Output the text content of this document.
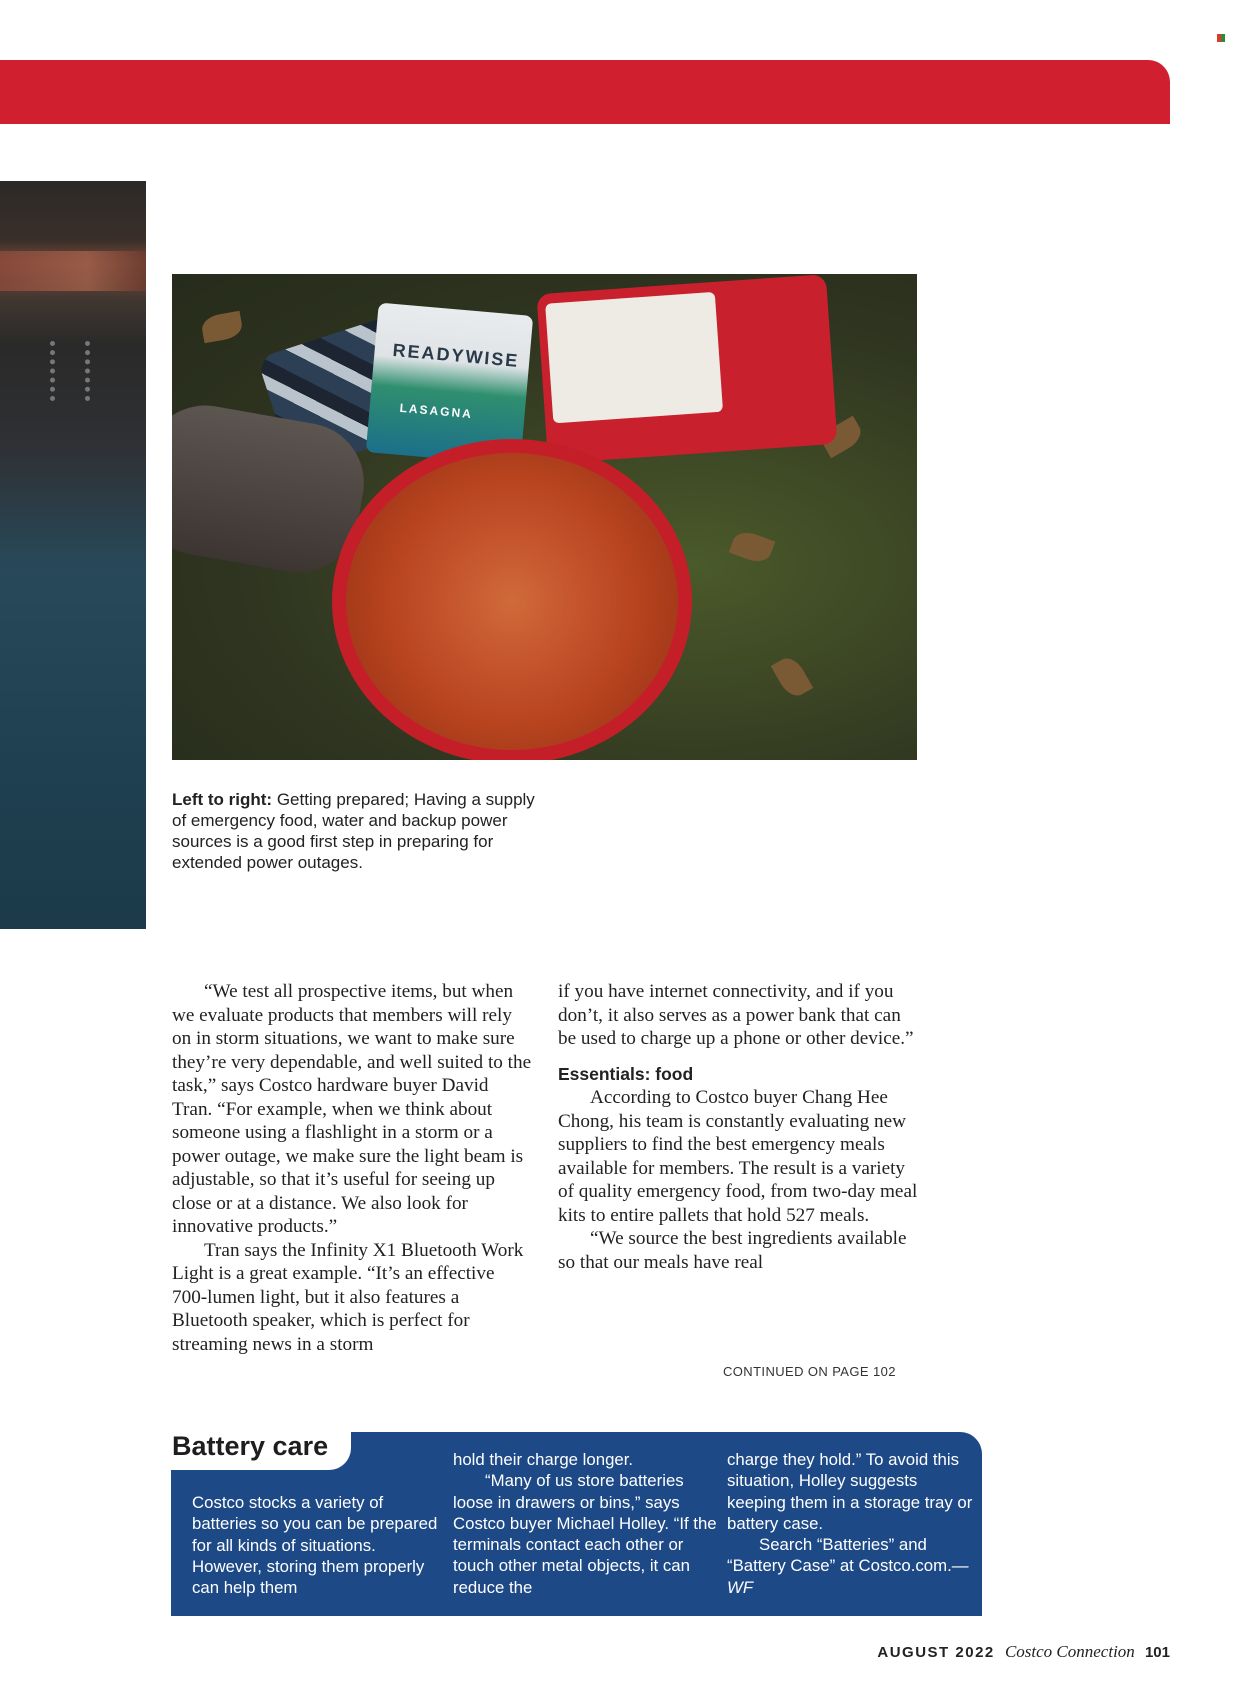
READYWISE
LASAGNA
Left to right: Getting prepared; Having a supply of emergency food, water and backup power sources is a good first step in preparing for extended power outages.

“We test all prospective items, but when we evaluate products that members will rely on in storm situations, we want to make sure they’re very dependable, and well suited to the task,” says Costco hardware buyer David Tran. “For example, when we think about someone using a flashlight in a storm or a power outage, we make sure the light beam is adjustable, so that it’s useful for seeing up close or at a distance. We also look for innovative products.”

Tran says the Infinity X1 Bluetooth Work Light is a great example. “It’s an effective 700-lumen light, but it also features a Bluetooth speaker, which is perfect for streaming news in a storm

if you have internet connectivity, and if you don’t, it also serves as a power bank that can be used to charge up a phone or other device.”

Essentials: food

According to Costco buyer Chang Hee Chong, his team is constantly evaluating new suppliers to find the best emergency meals available for members. The result is a variety of quality emergency food, from two-day meal kits to entire pallets that hold 527 meals.

“We source the best ingredients available so that our meals have real

CONTINUED ON PAGE 102
Battery care

Costco stocks a variety of batteries so you can be prepared for all kinds of situations. However, storing them properly can help them

hold their charge longer.

“Many of us store batteries loose in drawers or bins,” says Costco buyer Michael Holley. “If the terminals contact each other or touch other metal objects, it can reduce the

charge they hold.” To avoid this situation, Holley suggests keeping them in a storage tray or battery case.

Search “Batteries” and “Battery Case” at Costco.com.—WF

AUGUST 2022 Costco Connection 101
